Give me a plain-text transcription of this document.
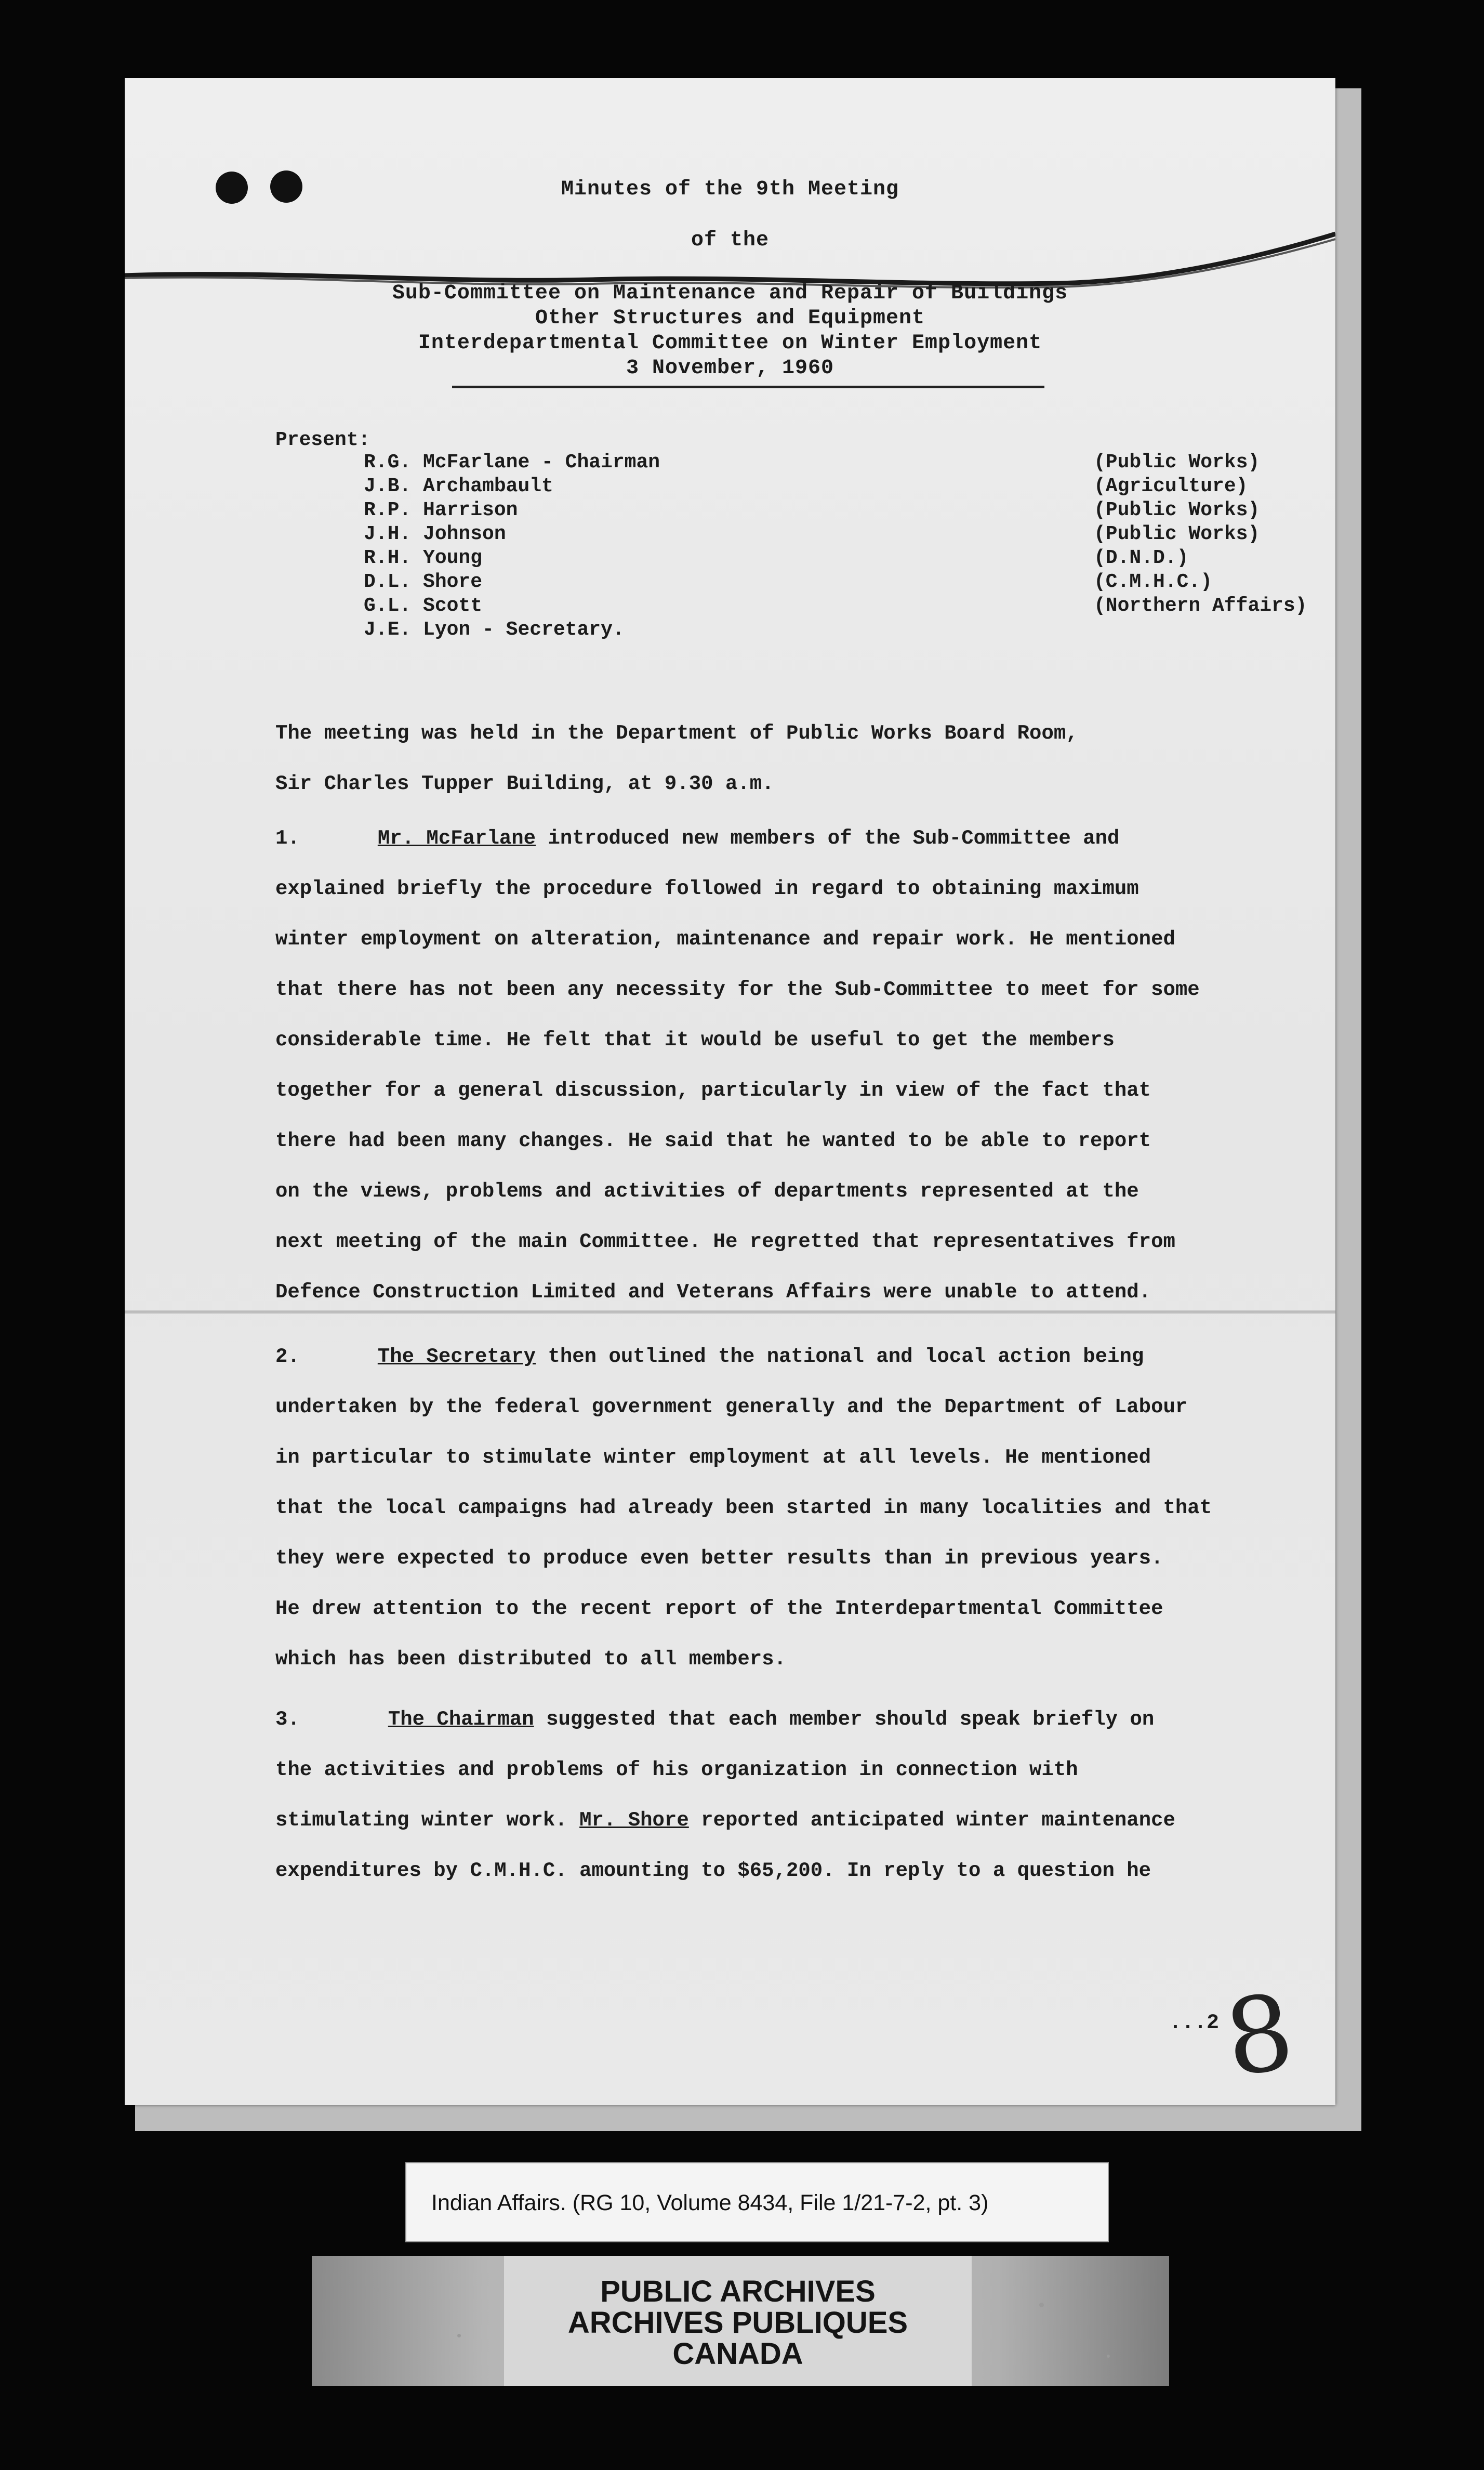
Minutes of the 9th Meeting
of the
Sub-Committee on Maintenance and Repair of Buildings
Other Structures and Equipment
Interdepartmental Committee on Winter Employment
3 November, 1960
Present:
R.G. McFarlane - Chairman	(Public Works)
J.B. Archambault	(Agriculture)
R.P. Harrison	(Public Works)
J.H. Johnson	(Public Works)
R.H. Young	(D.N.D.)
D.L. Shore	(C.M.H.C.)
G.L. Scott	(Northern Affairs)
J.E. Lyon - Secretary.
The meeting was held in the Department of Public Works Board Room,
Sir Charles Tupper Building, at 9.30 a.m.
1.	Mr. McFarlane introduced new members of the Sub-Committee and
explained briefly the procedure followed in regard to obtaining maximum
winter employment on alteration, maintenance and repair work. He mentioned
that there has not been any necessity for the Sub-Committee to meet for some
considerable time. He felt that it would be useful to get the members
together for a general discussion, particularly in view of the fact that
there had been many changes. He said that he wanted to be able to report
on the views, problems and activities of departments represented at the
next meeting of the main Committee. He regretted that representatives from
Defence Construction Limited and Veterans Affairs were unable to attend.
2.	The Secretary then outlined the national and local action being
undertaken by the federal government generally and the Department of Labour
in particular to stimulate winter employment at all levels. He mentioned
that the local campaigns had already been started in many localities and that
they were expected to produce even better results than in previous years.
He drew attention to the recent report of the Interdepartmental Committee
which has been distributed to all members.
3.	The Chairman suggested that each member should speak briefly on
the activities and problems of his organization in connection with
stimulating winter work. Mr. Shore reported anticipated winter maintenance
expenditures by C.M.H.C. amounting to $65,200. In reply to a question he
...2
8
Indian Affairs. (RG 10, Volume 8434, File 1/21-7-2, pt. 3)
PUBLIC ARCHIVES
ARCHIVES PUBLIQUES
CANADA
